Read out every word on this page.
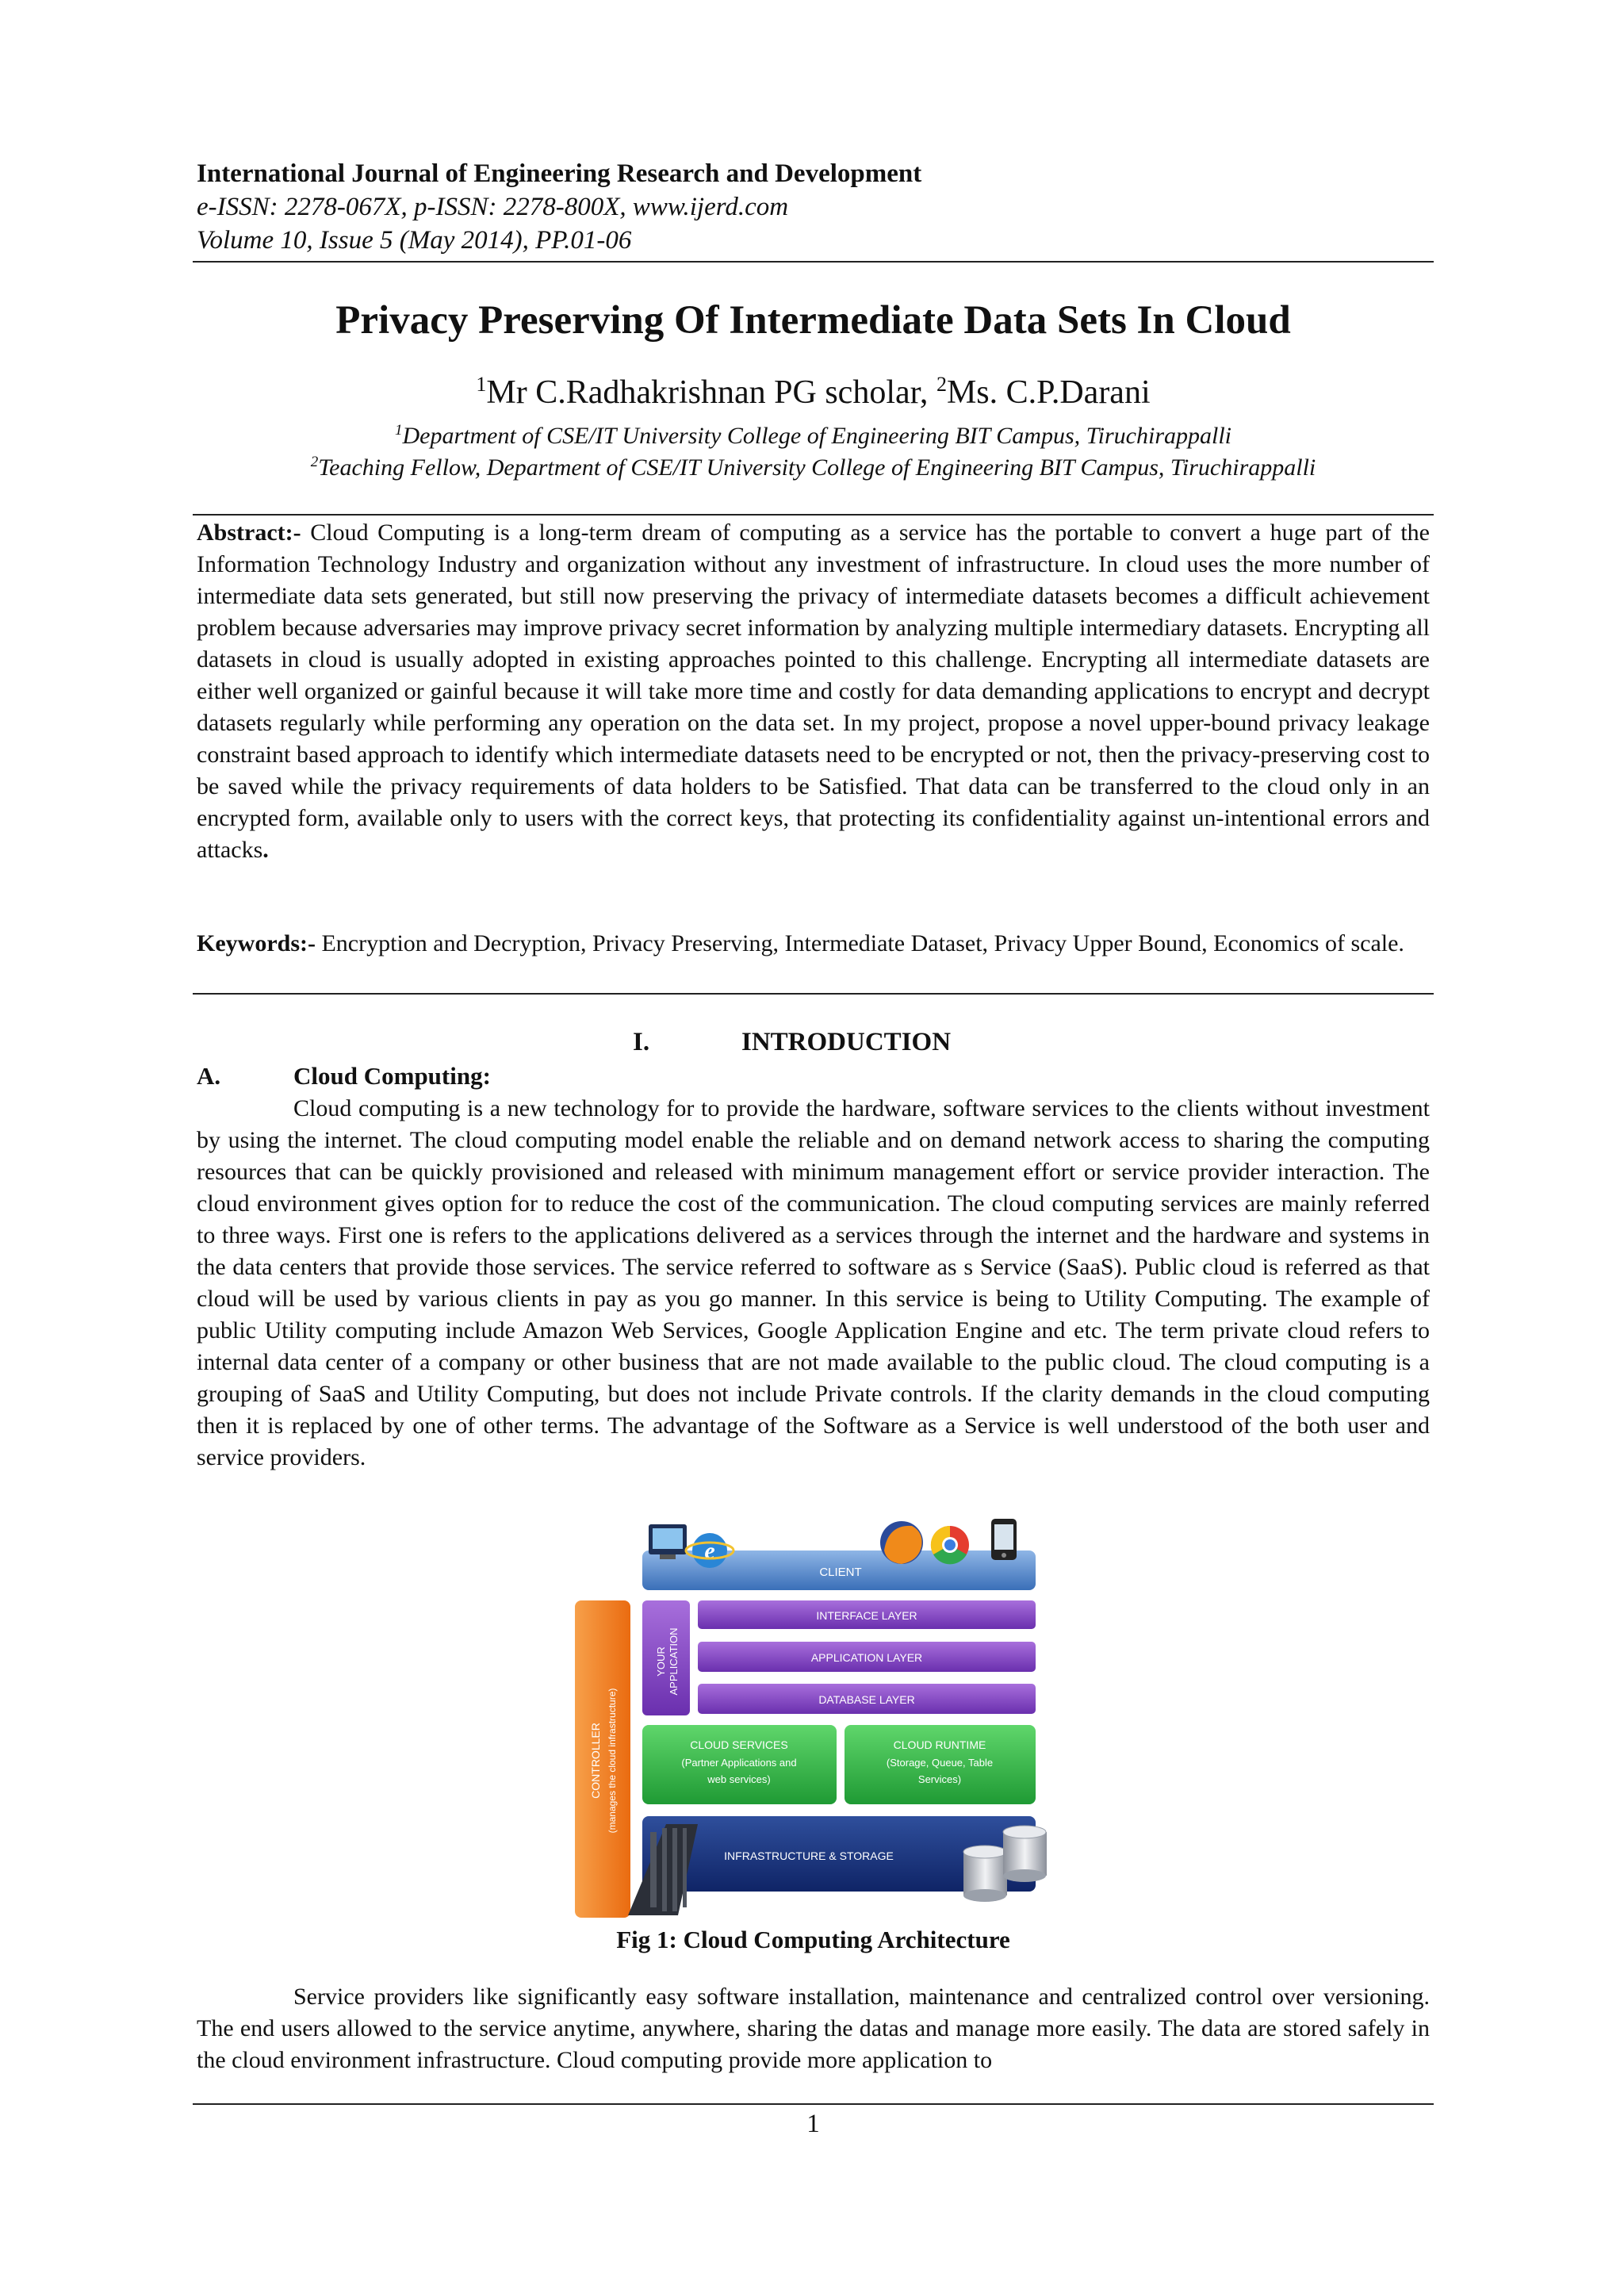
International Journal of Engineering Research and Development
e-ISSN: 2278-067X, p-ISSN: 2278-800X, www.ijerd.com
Volume 10, Issue 5 (May 2014), PP.01-06
Privacy Preserving Of Intermediate Data Sets In Cloud
$^1$Mr C.Radhakrishnan PG scholar, $^2$Ms. C.P.Darani
$^1$Department of CSE/IT University College of Engineering BIT Campus, Tiruchirappalli
$^2$Teaching Fellow, Department of CSE/IT University College of Engineering BIT Campus, Tiruchirappalli

Abstract:- Cloud Computing is a long-term dream of computing as a service has the portable to convert a huge part of the Information Technology Industry and organization without any investment of infrastructure. In cloud uses the more number of intermediate data sets generated, but still now preserving the privacy of intermediate datasets becomes a difficult achievement problem because adversaries may improve privacy secret information by analyzing multiple intermediary datasets. Encrypting all datasets in cloud is usually adopted in existing approaches pointed to this challenge. Encrypting all intermediate datasets are either well organized or gainful because it will take more time and costly for data demanding applications to encrypt and decrypt datasets regularly while performing any operation on the data set. In my project, propose a novel upper-bound privacy leakage constraint based approach to identify which intermediate datasets need to be encrypted or not, then the privacy-preserving cost to be saved while the privacy requirements of data holders to be Satisfied. That data can be transferred to the cloud only in an encrypted form, available only to users with the correct keys, that protecting its confidentiality against un-intentional errors and attacks.

Keywords:- Encryption and Decryption, Privacy Preserving, Intermediate Dataset, Privacy Upper Bound, Economics of scale.

I.	INTRODUCTION
A.	Cloud Computing:

Cloud computing is a new technology for to provide the hardware, software services to the clients without investment by using the internet. The cloud computing model enable the reliable and on demand network access to sharing the computing resources that can be quickly provisioned and released with minimum management effort or service provider interaction. The cloud environment gives option for to reduce the cost of the communication. The cloud computing services are mainly referred to three ways. First one is refers to the applications delivered as a services through the internet and the hardware and systems in the data centers that provide those services. The service referred to software as s Service (SaaS). Public cloud is referred as that cloud will be used by various clients in pay as you go manner. In this service is being to Utility Computing. The example of public Utility computing include Amazon Web Services, Google Application Engine and etc. The term private cloud refers to internal data center of a company or other business that are not made available to the public cloud. The cloud computing is a grouping of SaaS and Utility Computing, but does not include Private controls. If the clarity demands in the cloud computing then it is replaced by one of other terms. The advantage of the Software as a Service is well understood of the both user and service providers.

CLIENT
e
YOUR APPLICATION
INTERFACE LAYER
APPLICATION LAYER
DATABASE LAYER
CONTROLLER (manages the cloud infrastructure)	CLOUD SERVICES
(Partner Applications and
web services)
CLOUD RUNTIME
(Storage, Queue, Table
Services)
INFRASTRUCTURE & STORAGE
Fig 1: Cloud Computing Architecture

Service providers like significantly easy software installation, maintenance and centralized control over versioning. The end users allowed to the service anytime, anywhere, sharing the datas and manage more easily. The data are stored safely in the cloud environment infrastructure. Cloud computing provide more application to

1
